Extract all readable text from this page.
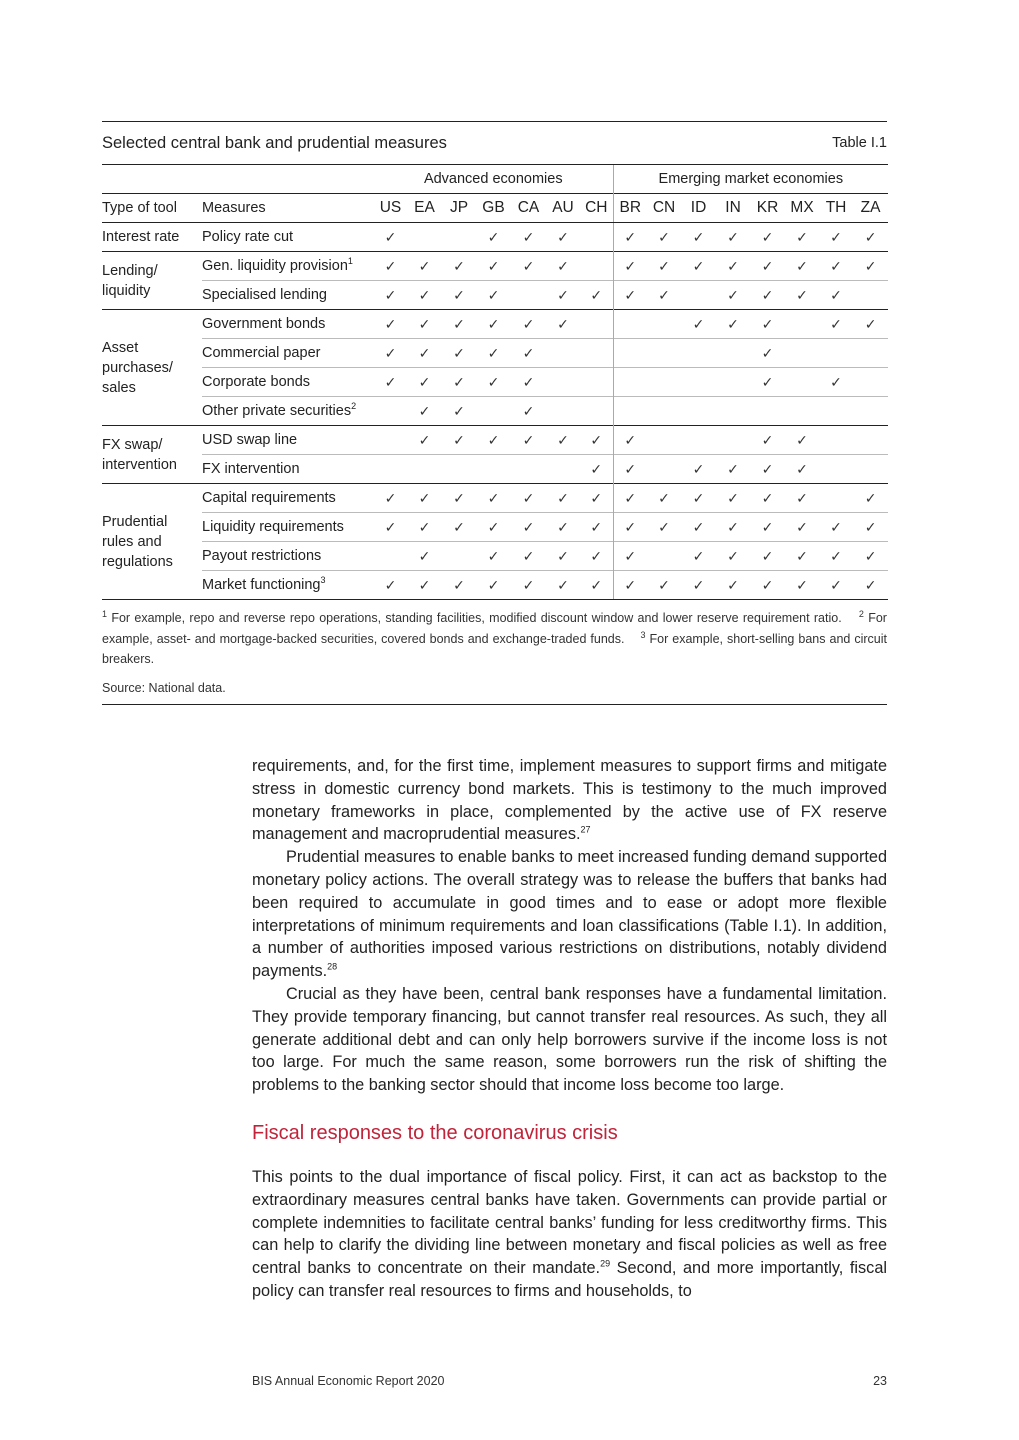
Selected central bank and prudential measures	Table I.1
		Advanced economies							Emerging market economies							
Type of tool	Measures	US	EA	JP	GB	CA	AU	CH	BR	CN	ID	IN	KR	MX	TH	ZA
Interest rate	Policy rate cut	✓			✓	✓	✓		✓	✓	✓	✓	✓	✓	✓	✓
Lending/ liquidity	Gen. liquidity provision$^1$	✓	✓	✓	✓	✓	✓		✓	✓	✓	✓	✓	✓	✓	✓
	Specialised lending	✓	✓	✓	✓		✓	✓	✓	✓		✓	✓	✓	✓	
Asset purchases/ sales	Government bonds	✓	✓	✓	✓	✓	✓				✓	✓	✓		✓	✓
	Commercial paper	✓	✓	✓	✓	✓							✓			
	Corporate bonds	✓	✓	✓	✓	✓							✓		✓	
	Other private securities$^2$		✓	✓		✓										
FX swap/ intervention	USD swap line		✓	✓	✓	✓	✓	✓	✓				✓	✓		
	FX intervention							✓	✓		✓	✓	✓	✓		
Prudential rules and regulations	Capital requirements	✓	✓	✓	✓	✓	✓	✓	✓	✓	✓	✓	✓	✓		✓
	Liquidity requirements	✓	✓	✓	✓	✓	✓	✓	✓	✓	✓	✓	✓	✓	✓	✓
	Payout restrictions		✓		✓	✓	✓	✓	✓		✓	✓	✓	✓	✓	✓
	Market functioning$^3$	✓	✓	✓	✓	✓	✓	✓	✓	✓	✓	✓	✓	✓	✓	✓
$^1$ For example, repo and reverse repo operations, standing facilities, modified discount window and lower reserve requirement ratio. $^2$ For example, asset- and mortgage-backed securities, covered bonds and exchange-traded funds. $^3$ For example, short-selling bans and circuit breakers.
Source: National data.

requirements, and, for the first time, implement measures to support firms and mitigate stress in domestic currency bond markets. This is testimony to the much improved monetary frameworks in place, complemented by the active use of FX reserve management and macroprudential measures.$^{27}$

Prudential measures to enable banks to meet increased funding demand supported monetary policy actions. The overall strategy was to release the buffers that banks had been required to accumulate in good times and to ease or adopt more flexible interpretations of minimum requirements and loan classifications (Table I.1). In addition, a number of authorities imposed various restrictions on distributions, notably dividend payments.$^{28}$

Crucial as they have been, central bank responses have a fundamental limitation. They provide temporary financing, but cannot transfer real resources. As such, they all generate additional debt and can only help borrowers survive if the income loss is not too large. For much the same reason, some borrowers run the risk of shifting the problems to the banking sector should that income loss become too large.

Fiscal responses to the coronavirus crisis

This points to the dual importance of fiscal policy. First, it can act as backstop to the extraordinary measures central banks have taken. Governments can provide partial or complete indemnities to facilitate central banks’ funding for less creditworthy firms. This can help to clarify the dividing line between monetary and fiscal policies as well as free central banks to concentrate on their mandate.$^{29}$ Second, and more importantly, fiscal policy can transfer real resources to firms and households, to

BIS Annual Economic Report 2020	23
